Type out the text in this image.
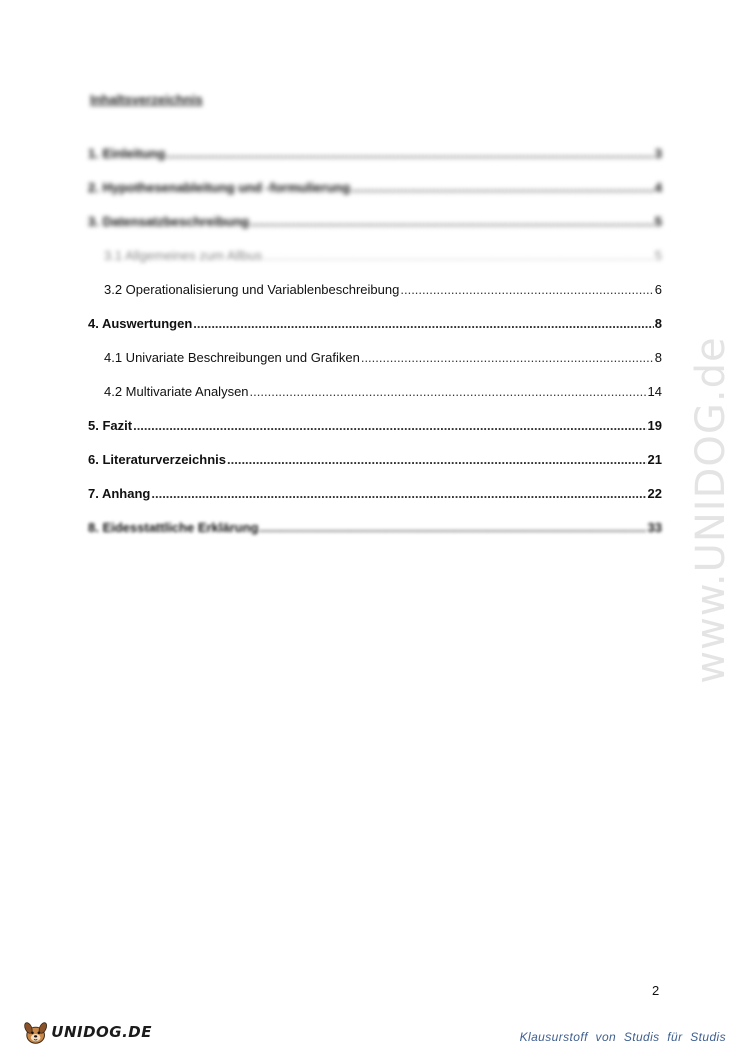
Inhaltsverzeichnis
1. Einleitung .....	3
2. Hypothesenableitung und -formulierung .....	4
3. Datensatzbeschreibung .....	5
3.1 Allgemeines zum Allbus .....	5
3.2 Operationalisierung und Variablenbeschreibung .....	6
4. Auswertungen .....	8
4.1 Univariate Beschreibungen und Grafiken .....	8
4.2 Multivariate Analysen .....	14
5. Fazit .....	19
6. Literaturverzeichnis .....	21
7. Anhang .....	22
8. Eidesstattliche Erklärung .....	33 www.UNIDOG.de
2
UNIDOG.DE	Klausurstoff von Studis für Studis
